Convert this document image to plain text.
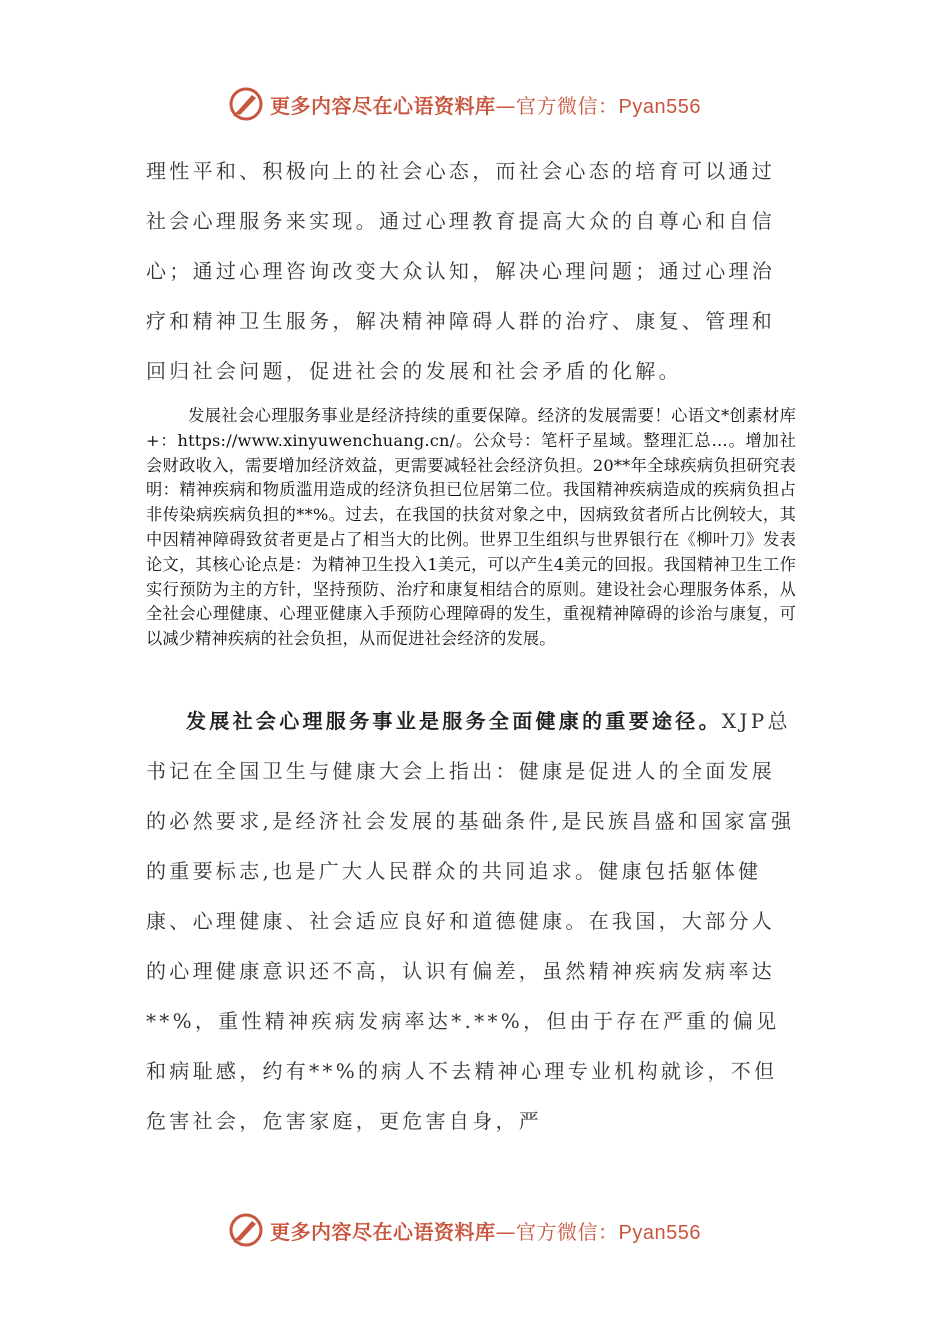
更多内容尽在心语资料库—官方微信：Pyan556

理性平和、积极向上的社会心态，而社会心态的培育可以通过社会心理服务来实现。通过心理教育提高大众的自尊心和自信心；通过心理咨询改变大众认知，解决心理问题；通过心理治疗和精神卫生服务，解决精神障碍人群的治疗、康复、管理和回归社会问题，促进社会的发展和社会矛盾的化解。

发展社会心理服务事业是经济持续的重要保障。经济的发展需要！心语文*创素材库+：https://www.xinyuwenchuang.cn/。公众号：笔杆子星域。整理汇总…。增加社会财政收入，需要增加经济效益，更需要减轻社会经济负担。20**年全球疾病负担研究表明：精神疾病和物质滥用造成的经济负担已位居第二位。我国精神疾病造成的疾病负担占非传染病疾病负担的**%。过去，在我国的扶贫对象之中，因病致贫者所占比例较大，其中因精神障碍致贫者更是占了相当大的比例。世界卫生组织与世界银行在《柳叶刀》发表论文，其核心论点是：为精神卫生投入1美元，可以产生4美元的回报。我国精神卫生工作实行预防为主的方针，坚持预防、治疗和康复相结合的原则。建设社会心理服务体系，从全社会心理健康、心理亚健康入手预防心理障碍的发生，重视精神障碍的诊治与康复，可以减少精神疾病的社会负担，从而促进社会经济的发展。

发展社会心理服务事业是服务全面健康的重要途径。XJP总书记在全国卫生与健康大会上指出：健康是促进人的全面发展的必然要求,是经济社会发展的基础条件,是民族昌盛和国家富强的重要标志,也是广大人民群众的共同追求。健康包括躯体健康、心理健康、社会适应良好和道德健康。在我国，大部分人的心理健康意识还不高，认识有偏差，虽然精神疾病发病率达**%，重性精神疾病发病率达*.**%，但由于存在严重的偏见和病耻感，约有**%的病人不去精神心理专业机构就诊，不但危害社会，危害家庭，更危害自身，严

更多内容尽在心语资料库—官方微信：Pyan556
